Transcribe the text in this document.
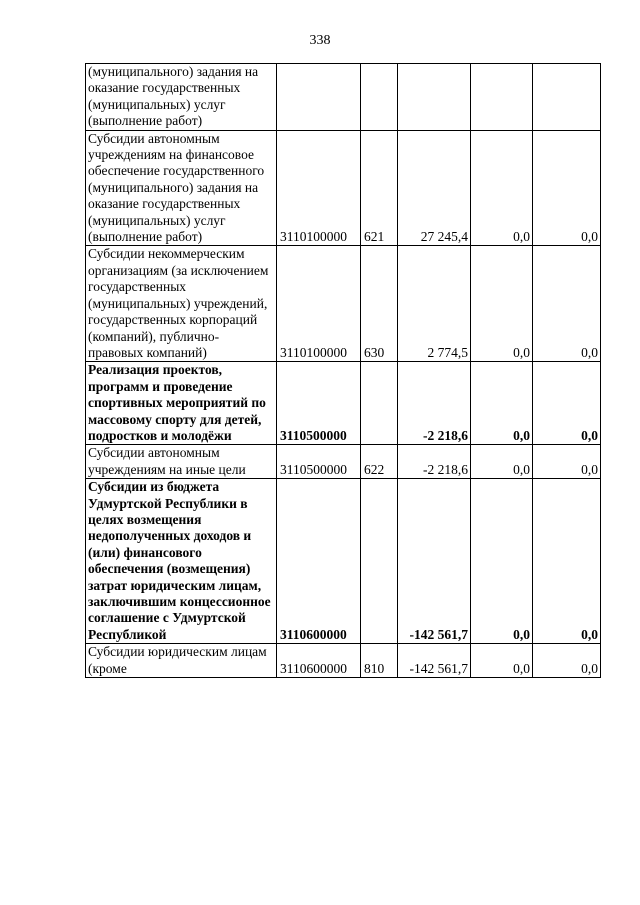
338
(муниципального) задания на оказание государственных (муниципальных) услуг (выполнение работ)					
Субсидии автономным учреждениям на финансовое обеспечение государственного (муниципального) задания на оказание государственных (муниципальных) услуг (выполнение работ)	3110100000	621	27 245,4	0,0	0,0
Субсидии некоммерческим организациям (за исключением государственных (муниципальных) учреждений, государственных корпораций (компаний), публично-правовых компаний)	3110100000	630	2 774,5	0,0	0,0
Реализация проектов, программ и проведение спортивных мероприятий по массовому спорту для детей, подростков и молодёжи	3110500000		-2 218,6	0,0	0,0
Субсидии автономным учреждениям на иные цели	3110500000	622	-2 218,6	0,0	0,0
Субсидии из бюджета Удмуртской Республики в целях возмещения недополученных доходов и (или) финансового обеспечения (возмещения) затрат юридическим лицам, заключившим концессионное соглашение с Удмуртской Республикой	3110600000		-142 561,7	0,0	0,0
Субсидии юридическим лицам (кроме	3110600000	810	-142 561,7	0,0	0,0
